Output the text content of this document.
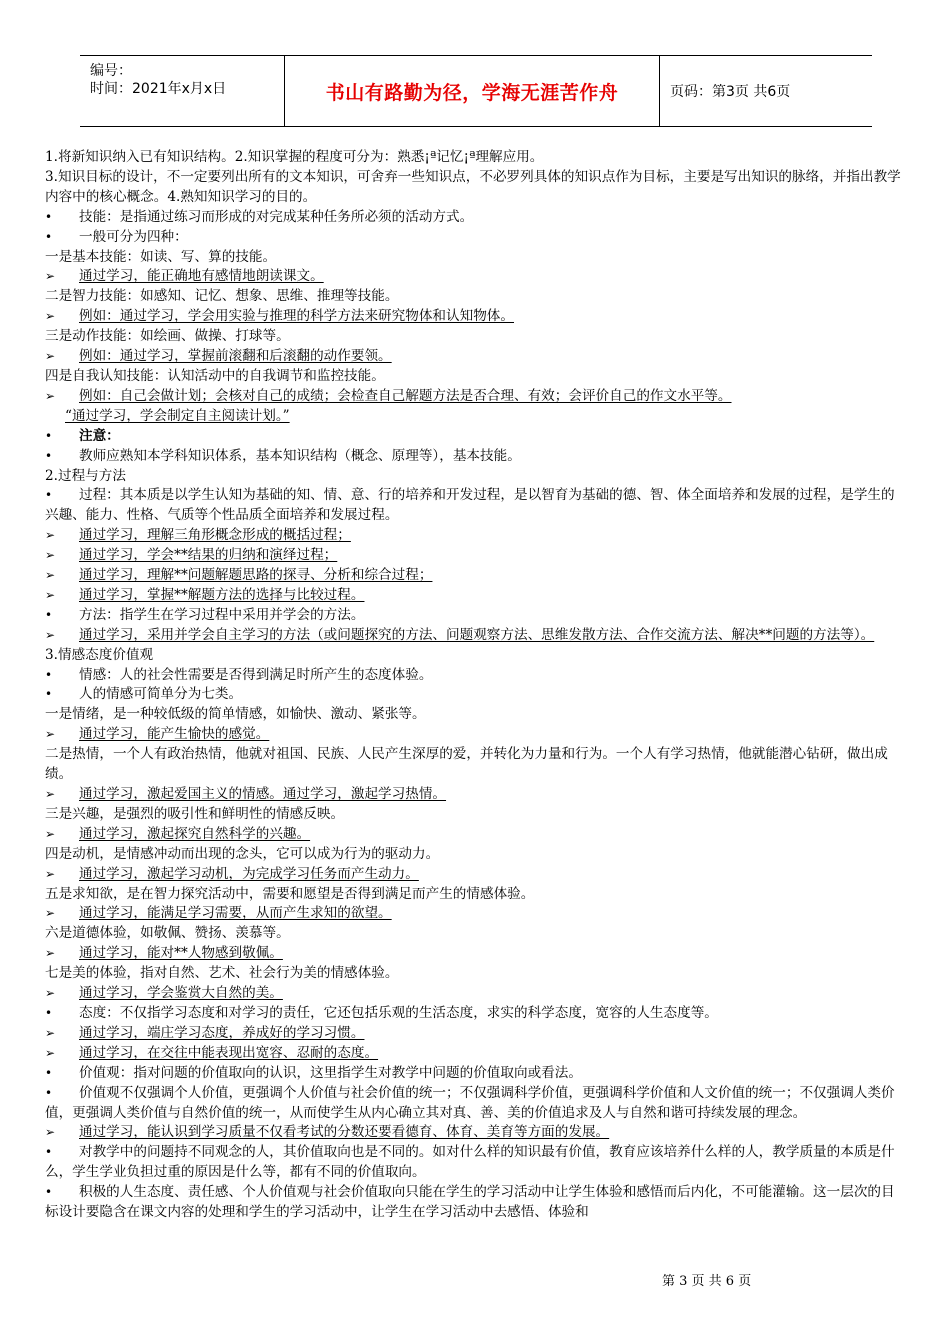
编号：
时间：2021年x月x日	书山有路勤为径，学海无涯苦作舟	页码：第3页 共6页
1.将新知识纳入已有知识结构。2.知识掌握的程度可分为：熟悉¡ª记忆¡ª理解应用。
3.知识目标的设计，不一定要列出所有的文本知识，可舍弃一些知识点，不必罗列具体的知识点作为目标，主要是写出知识的脉络，并指出教学内容中的核心概念。4.熟知知识学习的目的。
•	技能：是指通过练习而形成的对完成某种任务所必须的活动方式。
•	一般可分为四种：
一是基本技能：如读、写、算的技能。
➢	通过学习，能正确地有感情地朗读课文。
二是智力技能：如感知、记忆、想象、思维、推理等技能。
➢	例如：通过学习，学会用实验与推理的科学方法来研究物体和认知物体。
三是动作技能：如绘画、做操、打球等。
➢	例如：通过学习，掌握前滚翻和后滚翻的动作要领。
四是自我认知技能：认知活动中的自我调节和监控技能。
➢	例如：自己会做计划；会核对自己的成绩；会检查自己解题方法是否合理、有效；会评价自己的作文水平等。
“通过学习，学会制定自主阅读计划。”
•	注意：
•	教师应熟知本学科知识体系，基本知识结构（概念、原理等），基本技能。
2.过程与方法
• 过程：其本质是以学生认知为基础的知、情、意、行的培养和开发过程，是以智育为基础的德、智、体全面培养和发展的过程，是学生的兴趣、能力、性格、气质等个性品质全面培养和发展过程。
➢	通过学习，理解三角形概念形成的概括过程；
➢	通过学习，学会**结果的归纳和演绎过程；
➢	通过学习，理解**问题解题思路的探寻、分析和综合过程；
➢	通过学习，掌握**解题方法的选择与比较过程。
•	方法：指学生在学习过程中采用并学会的方法。
➢ 通过学习，采用并学会自主学习的方法（或问题探究的方法、问题观察方法、思维发散方法、合作交流方法、解决**问题的方法等）。
3.情感态度价值观
•	情感：人的社会性需要是否得到满足时所产生的态度体验。
•	人的情感可简单分为七类。
一是情绪，是一种较低级的简单情感，如愉快、激动、紧张等。
➢	通过学习，能产生愉快的感觉。
二是热情，一个人有政治热情，他就对祖国、民族、人民产生深厚的爱，并转化为力量和行为。一个人有学习热情，他就能潜心钻研，做出成绩。
➢	通过学习，激起爱国主义的情感。通过学习，激起学习热情。
三是兴趣，是强烈的吸引性和鲜明性的情感反映。
➢	通过学习，激起探究自然科学的兴趣。
四是动机，是情感冲动而出现的念头，它可以成为行为的驱动力。
➢	通过学习，激起学习动机，为完成学习任务而产生动力。
五是求知欲，是在智力探究活动中，需要和愿望是否得到满足而产生的情感体验。
➢	通过学习，能满足学习需要，从而产生求知的欲望。
六是道德体验，如敬佩、赞扬、羡慕等。
➢	通过学习，能对**人物感到敬佩。
七是美的体验，指对自然、艺术、社会行为美的情感体验。
➢	通过学习，学会鉴赏大自然的美。
•	态度：不仅指学习态度和对学习的责任，它还包括乐观的生活态度，求实的科学态度，宽容的人生态度等。
➢	通过学习，端庄学习态度，养成好的学习习惯。
➢	通过学习，在交往中能表现出宽容、忍耐的态度。
•	价值观：指对问题的价值取向的认识，这里指学生对教学中问题的价值取向或看法。
• 价值观不仅强调个人价值，更强调个人价值与社会价值的统一；不仅强调科学价值，更强调科学价值和人文价值的统一；不仅强调人类价值，更强调人类价值与自然价值的统一，从而使学生从内心确立其对真、善、美的价值追求及人与自然和谐可持续发展的理念。
➢	通过学习，能认识到学习质量不仅看考试的分数还要看德育、体育、美育等方面的发展。
• 对教学中的问题持不同观念的人，其价值取向也是不同的。如对什么样的知识最有价值，教育应该培养什么样的人，教学质量的本质是什么，学生学业负担过重的原因是什么等，都有不同的价值取向。
• 积极的人生态度、责任感、个人价值观与社会价值取向只能在学生的学习活动中让学生体验和感悟而后内化，不可能灌输。这一层次的目标设计要隐含在课文内容的处理和学生的学习活动中，让学生在学习活动中去感悟、体验和
第 3 页 共 6 页
